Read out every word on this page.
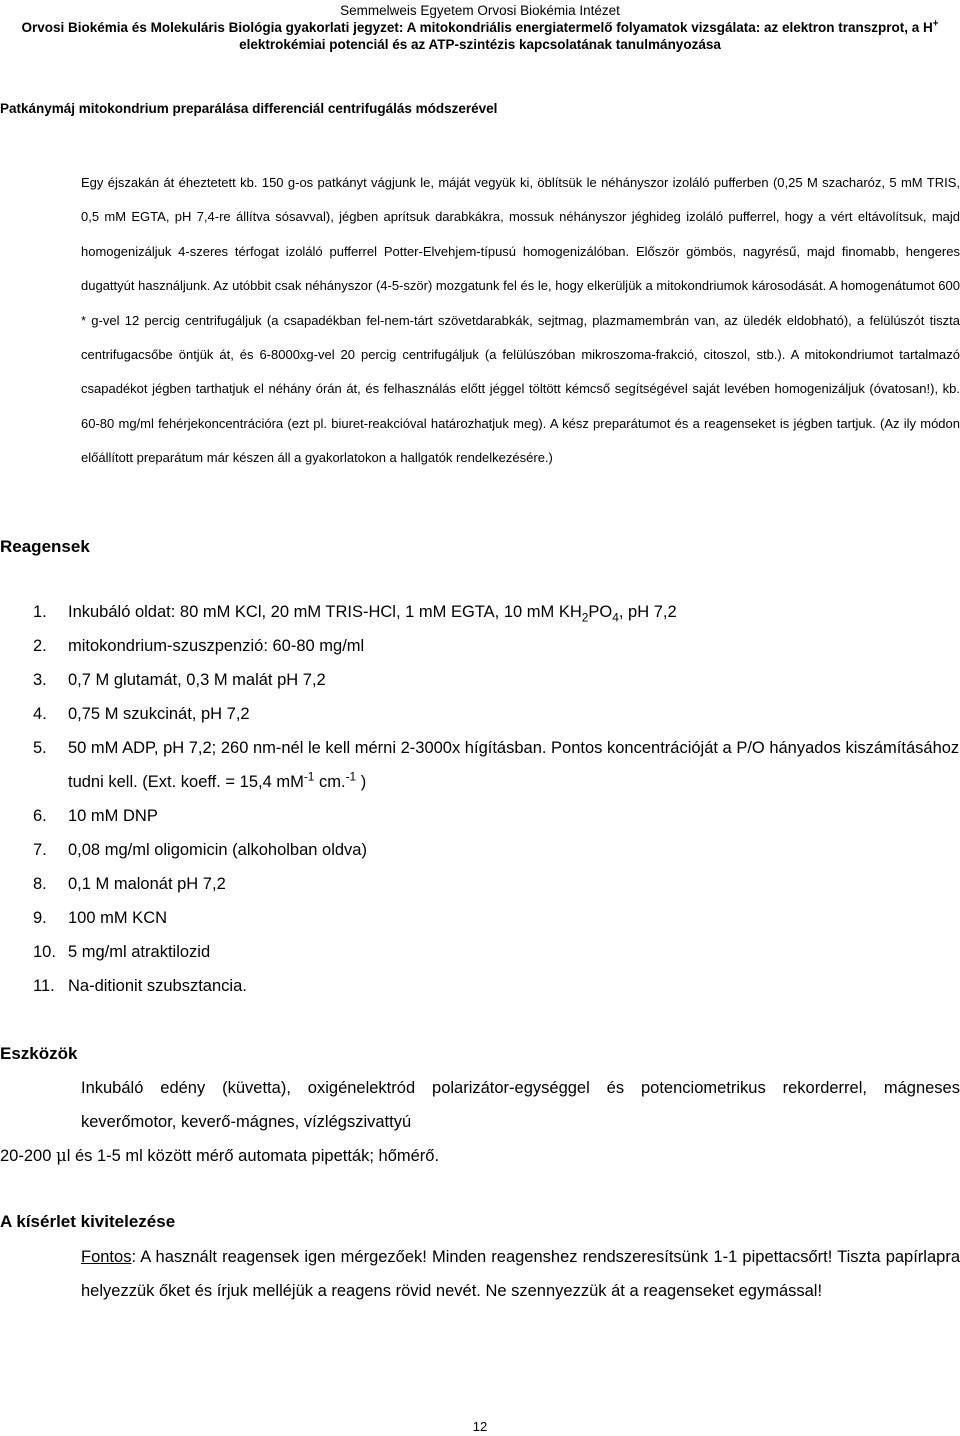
Semmelweis Egyetem Orvosi Biokémia Intézet
Orvosi Biokémia és Molekuláris Biológia gyakorlati jegyzet: A mitokondriális energiatermelő folyamatok vizsgálata: az elektron transzprot, a H+
elektrokémiai potenciál és az ATP-szintézis kapcsolatának tanulmányozása
Patkánymáj mitokondrium preparálása differenciál centrifugálás módszerével

Egy éjszakán át éheztetett kb. 150 g-os patkányt vágjunk le, máját vegyük ki, öblítsük le néhányszor izoláló pufferben (0,25 M szacharóz, 5 mM TRIS, 0,5 mM EGTA, pH 7,4-re állítva sósavval), jégben aprítsuk darabkákra, mossuk néhányszor jéghideg izoláló pufferrel, hogy a vért eltávolítsuk, majd homogenizáljuk 4-szeres térfogat izoláló pufferrel Potter-Elvehjem-típusú homogenizálóban. Először gömbös, nagyrésű, majd finomabb, hengeres dugattyút használjunk. Az utóbbit csak néhányszor (4-5-ször) mozgatunk fel és le, hogy elkerüljük a mitokondriumok károsodását. A homogenátumot 600 * g-vel 12 percig centrifugáljuk (a csapadékban fel-nem-tárt szövetdarabkák, sejtmag, plazmamembrán van, az üledék eldobható), a felülúszót tiszta centrifugacsőbe öntjük át, és 6-8000xg-vel 20 percig centrifugáljuk (a felülúszóban mikroszoma-frakció, citoszol, stb.). A mitokondriumot tartalmazó csapadékot jégben tarthatjuk el néhány órán át, és felhasználás előtt jéggel töltött kémcső segítségével saját levében homogenizáljuk (óvatosan!), kb. 60-80 mg/ml fehérjekoncentrációra (ezt pl. biuret-reakcióval határozhatjuk meg). A kész preparátumot és a reagenseket is jégben tartjuk. (Az ily módon előállított preparátum már készen áll a gyakorlatokon a hallgatók rendelkezésére.)

Reagensek
1.	Inkubáló oldat: 80 mM KCl, 20 mM TRIS-HCl, 1 mM EGTA, 10 mM $KH_2PO_4$, pH 7,2
2.	mitokondrium-szuszpenzió: 60-80 mg/ml
3.	0,7 M glutamát, 0,3 M malát pH 7,2
4.	0,75 M szukcinát, pH 7,2
5.	50 mM ADP, pH 7,2; 260 nm-nél le kell mérni 2-3000x hígításban. Pontos koncentrációját a P/O hányados kiszámításához tudni kell. (Ext. koeff. = 15,4 $mM^{-1}$ cm.$^{-1}$ )
6.	10 mM DNP
7.	0,08 mg/ml oligomicin (alkoholban oldva)
8.	0,1 M malonát pH 7,2
9.	100 mM KCN
10. 5 mg/ml atraktilozid
11. Na-ditionit szubsztancia.
Eszközök

Inkubáló edény (küvetta), oxigénelektród polarizátor-egységgel és potenciometrikus rekorderrel, mágneses keverőmotor, keverő-mágnes, vízlégszivattyú

20-200 μl és 1-5 ml között mérő automata pipetták; hőmérő.

A kísérlet kivitelezése

Fontos: A használt reagensek igen mérgezőek! Minden reagenshez rendszeresítsünk 1-1 pipettacsőrt! Tiszta papírlapra helyezzük őket és írjuk melléjük a reagens rövid nevét. Ne szennyezzük át a reagenseket egymással!

12
